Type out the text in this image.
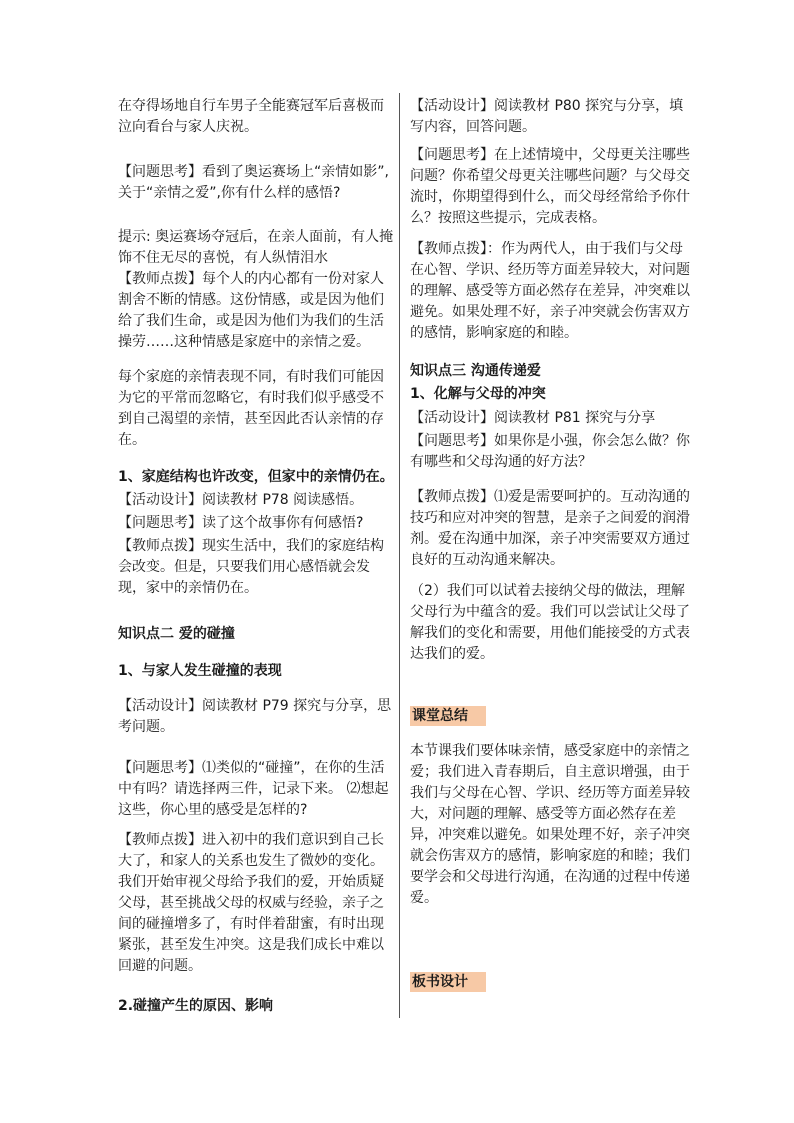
在夺得场地自行车男子全能赛冠军后喜极而泣向看台与家人庆祝。

【问题思考】看到了奥运赛场上“亲情如影”,关于“亲情之爱”,你有什么样的感悟?

提示: 奥运赛场夺冠后，在亲人面前，有人掩饰不住无尽的喜悦，有人纵情泪水

【教师点拨】每个人的内心都有一份对家人割舍不断的情感。这份情感，或是因为他们给了我们生命，或是因为他们为我们的生活操劳……这种情感是家庭中的亲情之爱。

每个家庭的亲情表现不同，有时我们可能因为它的平常而忽略它，有时我们似乎感受不到自己渴望的亲情，甚至因此否认亲情的存在。

1、家庭结构也许改变，但家中的亲情仍在。

【活动设计】阅读教材 P78 阅读感悟。

【问题思考】读了这个故事你有何感悟?

【教师点拨】现实生活中，我们的家庭结构会改变。但是，只要我们用心感悟就会发现，家中的亲情仍在。

知识点二 爱的碰撞

1、与家人发生碰撞的表现

【活动设计】阅读教材 P79 探究与分享，思考问题。

【问题思考】⑴类似的“碰撞”，在你的生活中有吗？请选择两三件，记录下来。 ⑵想起这些，你心里的感受是怎样的?

【教师点拨】进入初中的我们意识到自己长大了，和家人的关系也发生了微妙的变化。我们开始审视父母给予我们的爱，开始质疑父母，甚至挑战父母的权威与经验，亲子之间的碰撞增多了，有时伴着甜蜜，有时出现紧张，甚至发生冲突。这是我们成长中难以回避的问题。

2.碰撞产生的原因、影响

【活动设计】阅读教材 P80 探究与分享，填写内容，回答问题。

【问题思考】在上述情境中，父母更关注哪些问题？你希望父母更关注哪些问题？与父母交流时，你期望得到什么，而父母经常给予你什么？按照这些提示，完成表格。

【教师点拨】：作为两代人，由于我们与父母在心智、学识、经历等方面差异较大，对问题的理解、感受等方面必然存在差异，冲突难以避免。如果处理不好，亲子冲突就会伤害双方的感情，影响家庭的和睦。

知识点三 沟通传递爱

1、化解与父母的冲突

【活动设计】阅读教材 P81 探究与分享

【问题思考】如果你是小强，你会怎么做？你有哪些和父母沟通的好方法？

【教师点拨】⑴爱是需要呵护的。互动沟通的技巧和应对冲突的智慧，是亲子之间爱的润滑剂。爱在沟通中加深，亲子冲突需要双方通过良好的互动沟通来解决。

（2）我们可以试着去接纳父母的做法，理解父母行为中蕴含的爱。我们可以尝试让父母了解我们的变化和需要，用他们能接受的方式表达我们的爱。

课堂总结

本节课我们要体味亲情，感受家庭中的亲情之爱；我们进入青春期后，自主意识增强，由于我们与父母在心智、学识、经历等方面差异较大，对问题的理解、感受等方面必然存在差异，冲突难以避免。如果处理不好，亲子冲突就会伤害双方的感情，影响家庭的和睦；我们要学会和父母进行沟通，在沟通的过程中传递爱。

板书设计
